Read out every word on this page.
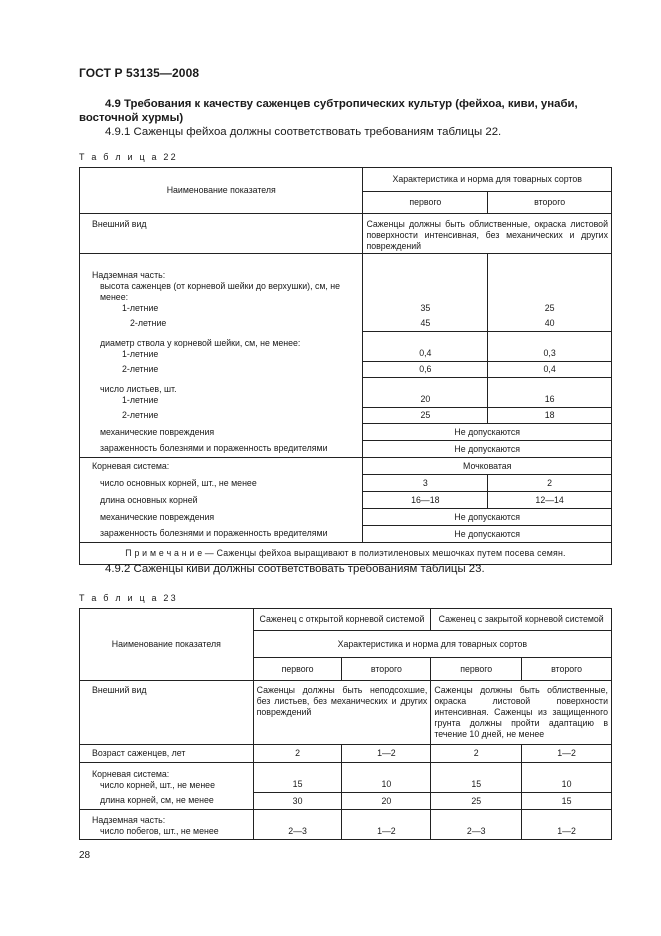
ГОСТ Р 53135—2008
4.9 Требования к качеству саженцев субтропических культур (фейхоа, киви, унаби, восточной хурмы)
4.9.1 Саженцы фейхоа должны соответствовать требованиям таблицы 22.
Т а б л и ц а 22
Наименование показателя	Характеристика и норма для товарных сортов	
	первого	второго
Внешний вид	Саженцы должны быть облиственные, окраска листовой поверхности интенсивная, без механических и других повреждений	

Надземная часть:
высота саженцев (от корневой шейки до верхушки), см, не менее:
1-летние	35	25
2-летние	45	40

диаметр ствола у корневой шейки, см, не менее:
1-летние	0,4	0,3
2-летние	0,6	0,4

число листьев, шт.
1-летние	20	16
2-летние	25	18
механические повреждения	Не допускаются	
зараженность болезнями и пораженность вредителями	Не допускаются	
Корневая система:	Мочковатая	
число основных корней, шт., не менее	3	2
длина основных корней	16—18	12—14
механические повреждения	Не допускаются	
зараженность болезнями и пораженность вредителями	Не допускаются	
П р и м е ч а н и е — Саженцы фейхоа выращивают в полиэтиленовых мешочках путем посева семян.		
4.9.2 Саженцы киви должны соответствовать требованиям таблицы 23.
Т а б л и ц а 23
Наименование показателя	Саженец с открытой корневой системой		Саженец с закрытой корневой системой	
	Характеристика и норма для товарных сортов			
	первого	второго	первого	второго
Внешний вид	Саженцы должны быть неподсохшие, без листьев, без механических и других повреждений		Саженцы должны быть облиственные, окраска листовой поверхности интенсивная. Саженцы из защищенного грунта должны пройти адаптацию в течение 10 дней, не менее	
Возраст саженцев, лет	2	1—2	2	1—2

Корневая система:
число корней, шт., не менее	15	10	15	10
длина корней, см, не менее	30	20	25	15

Надземная часть:
число побегов, шт., не менее	2—3	1—2	2—3	1—2
28
